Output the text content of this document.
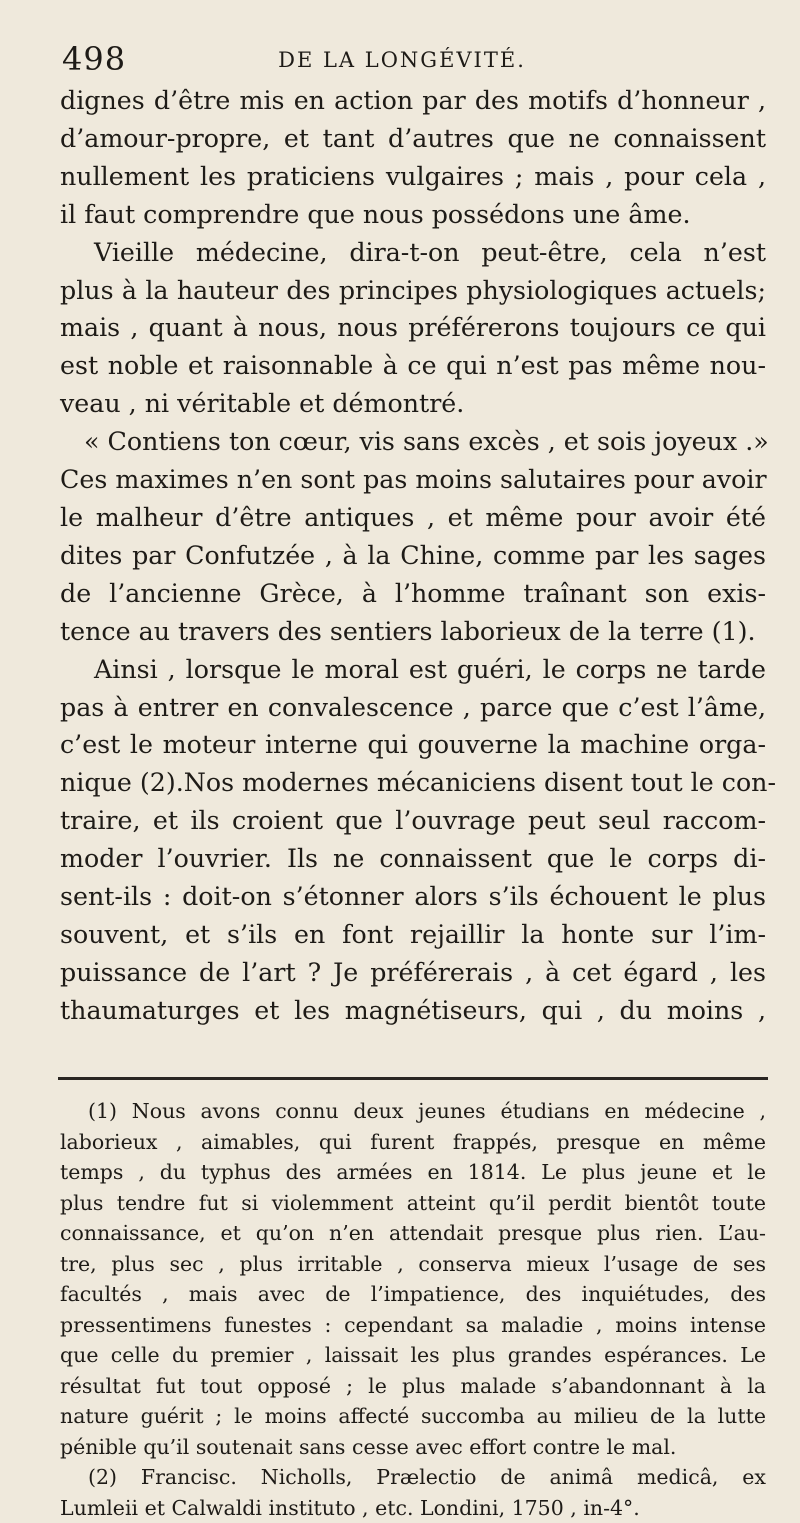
498	DE LA LONGÉVITÉ.
dignes d’être mis en action par des motifs d’honneur ,
d’amour-propre, et tant d’autres que ne connaissent
nullement les praticiens vulgaires ; mais , pour cela ,
il faut comprendre que nous possédons une âme.
Vieille médecine, dira-t-on peut-être, cela n’est
plus à la hauteur des principes physiologiques actuels;
mais , quant à nous, nous préférerons toujours ce qui
est noble et raisonnable à ce qui n’est pas même nou-
veau , ni véritable et démontré.
« Contiens ton cœur, vis sans excès , et sois joyeux .»
Ces maximes n’en sont pas moins salutaires pour avoir
le malheur d’être antiques , et même pour avoir été
dites par Confutzée , à la Chine, comme par les sages
de l’ancienne Grèce, à l’homme traînant son exis-
tence au travers des sentiers laborieux de la terre (1).
Ainsi , lorsque le moral est guéri, le corps ne tarde
pas à entrer en convalescence , parce que c’est l’âme,
c’est le moteur interne qui gouverne la machine orga-
nique (2).Nos modernes mécaniciens disent tout le con-
traire, et ils croient que l’ouvrage peut seul raccom-
moder l’ouvrier. Ils ne connaissent que le corps di-
sent-ils : doit-on s’étonner alors s’ils échouent le plus
souvent, et s’ils en font rejaillir la honte sur l’im-
puissance de l’art ? Je préférerais , à cet égard , les
thaumaturges et les magnétiseurs, qui , du moins ,
(1) Nous avons connu deux jeunes étudians en médecine ,
laborieux , aimables, qui furent frappés, presque en même
temps , du typhus des armées en 1814. Le plus jeune et le
plus tendre fut si violemment atteint qu’il perdit bientôt toute
connaissance, et qu’on n’en attendait presque plus rien. L’au-
tre, plus sec , plus irritable , conserva mieux l’usage de ses
facultés , mais avec de l’impatience, des inquiétudes, des
pressentimens funestes : cependant sa maladie , moins intense
que celle du premier , laissait les plus grandes espérances. Le
résultat fut tout opposé ; le plus malade s’abandonnant à la
nature guérit ; le moins affecté succomba au milieu de la lutte
pénible qu’il soutenait sans cesse avec effort contre le mal.
(2) Francisc. Nicholls, Prælectio de animâ medicâ, ex
Lumleii et Calwaldi instituto , etc. Londini, 1750 , in-4°.
